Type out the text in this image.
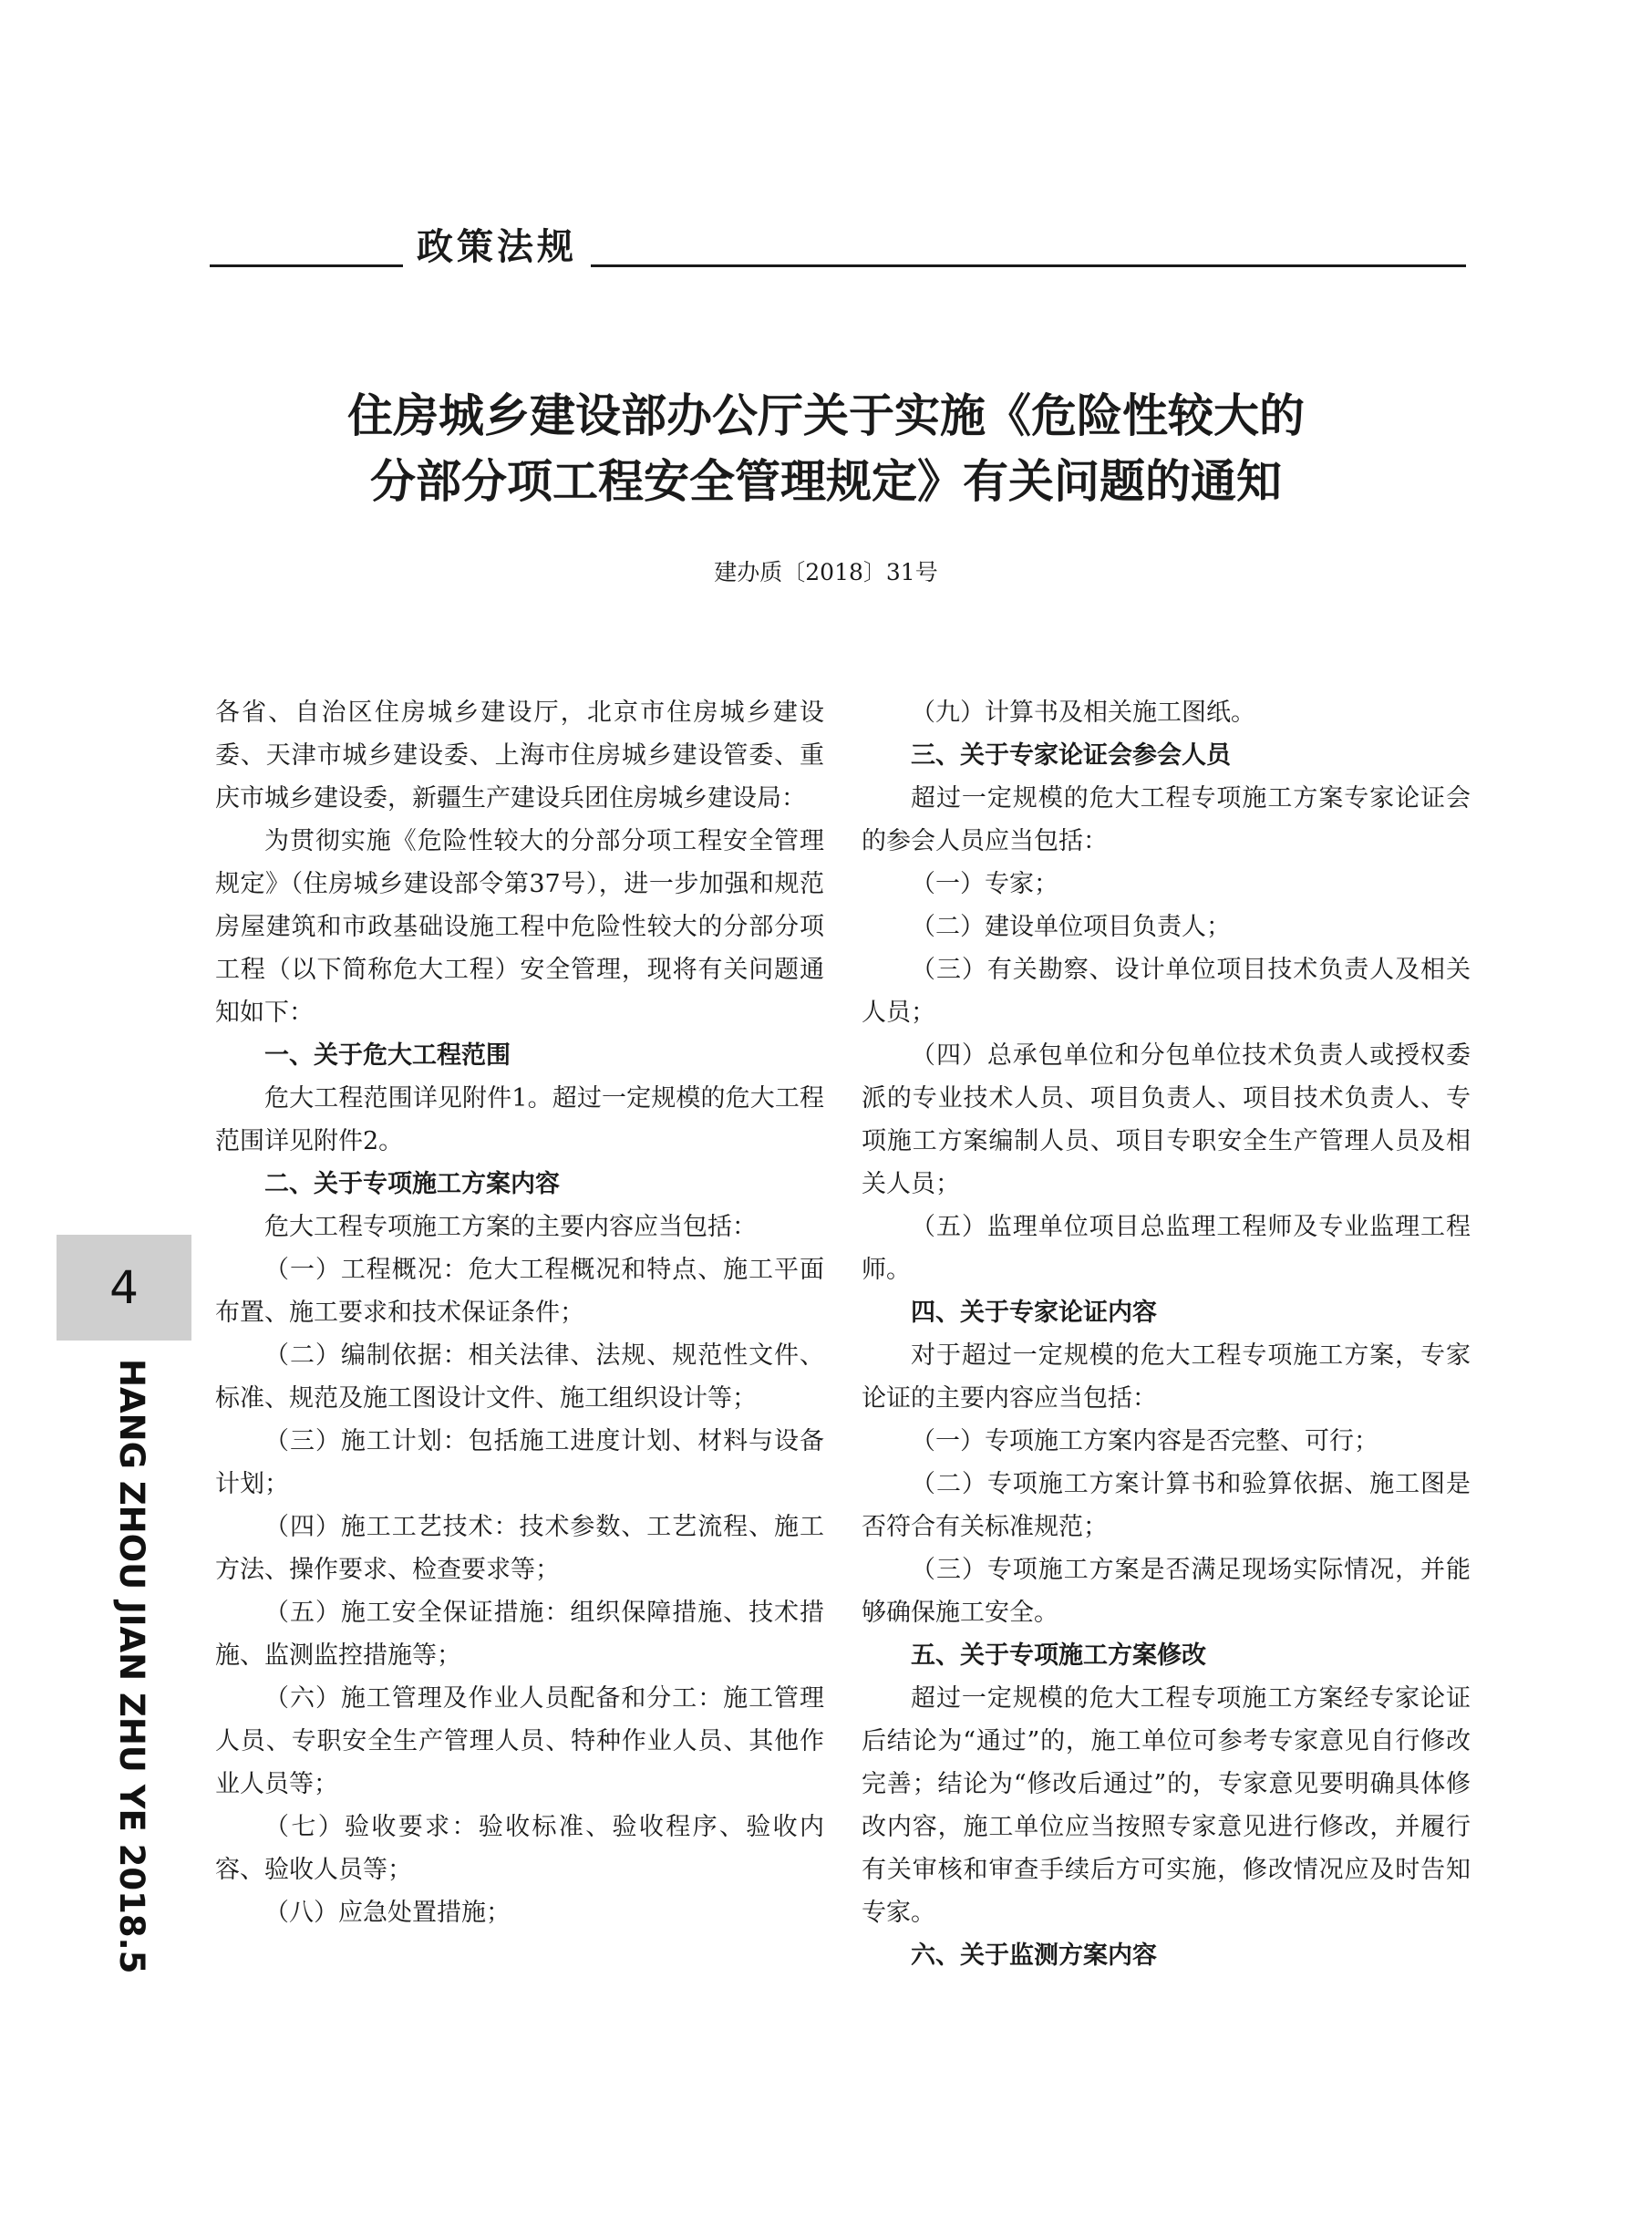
政策法规
住房城乡建设部办公厅关于实施《危险性较大的
分部分项工程安全管理规定》有关问题的通知
建办质〔2018〕31号
各省、自治区住房城乡建设厅，北京市住房城乡建设委、天津市城乡建设委、上海市住房城乡建设管委、重庆市城乡建设委，新疆生产建设兵团住房城乡建设局：
为贯彻实施《危险性较大的分部分项工程安全管理规定》（住房城乡建设部令第37号），进一步加强和规范房屋建筑和市政基础设施工程中危险性较大的分部分项工程（以下简称危大工程）安全管理，现将有关问题通知如下：
一、关于危大工程范围
危大工程范围详见附件1。超过一定规模的危大工程范围详见附件2。
二、关于专项施工方案内容
危大工程专项施工方案的主要内容应当包括：
（一）工程概况：危大工程概况和特点、施工平面布置、施工要求和技术保证条件；
（二）编制依据：相关法律、法规、规范性文件、标准、规范及施工图设计文件、施工组织设计等；
（三）施工计划：包括施工进度计划、材料与设备计划；
（四）施工工艺技术：技术参数、工艺流程、施工方法、操作要求、检查要求等；
（五）施工安全保证措施：组织保障措施、技术措施、监测监控措施等；
（六）施工管理及作业人员配备和分工：施工管理人员、专职安全生产管理人员、特种作业人员、其他作业人员等；
（七）验收要求：验收标准、验收程序、验收内容、验收人员等；
（八）应急处置措施；
（九）计算书及相关施工图纸。
三、关于专家论证会参会人员
超过一定规模的危大工程专项施工方案专家论证会的参会人员应当包括：
（一）专家；
（二）建设单位项目负责人；
（三）有关勘察、设计单位项目技术负责人及相关人员；
（四）总承包单位和分包单位技术负责人或授权委派的专业技术人员、项目负责人、项目技术负责人、专项施工方案编制人员、项目专职安全生产管理人员及相关人员；
（五）监理单位项目总监理工程师及专业监理工程师。
四、关于专家论证内容
对于超过一定规模的危大工程专项施工方案，专家论证的主要内容应当包括：
（一）专项施工方案内容是否完整、可行；
（二）专项施工方案计算书和验算依据、施工图是否符合有关标准规范；
（三）专项施工方案是否满足现场实际情况，并能够确保施工安全。
五、关于专项施工方案修改
超过一定规模的危大工程专项施工方案经专家论证后结论为“通过”的，施工单位可参考专家意见自行修改完善；结论为“修改后通过”的，专家意见要明确具体修改内容，施工单位应当按照专家意见进行修改，并履行有关审核和审查手续后方可实施，修改情况应及时告知专家。
六、关于监测方案内容
4
HANG ZHOU JIAN ZHU YE 2018.5
